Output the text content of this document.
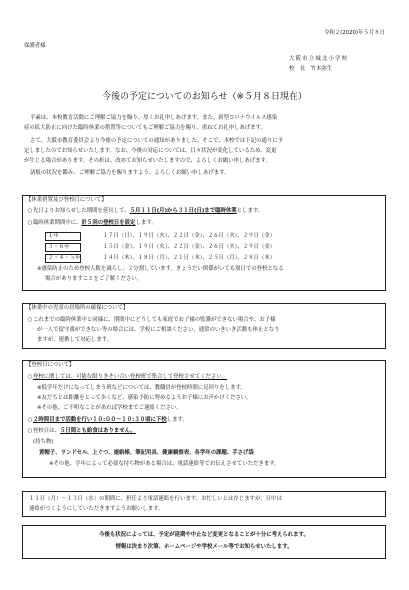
令和２(2020)年５月８日
保護者様
大阪市立城北小学校
校　長　竹本弥生
今後の予定についてのお知らせ（※５月８日現在）
平素は、本校教育活動にご理解ご協力を賜り、厚くお礼申しあげます。また、新型コロナウイルス感染
症の拡大防止に向けた臨時休業の措置等についてもご理解ご協力を賜り、重ねてお礼申しあげます。
さて、大阪市教育委員会より今後の予定についての通知がありました。そこで、本校では下記の通りに予
定しましたのでお知らせいたします。なお、今後の対応については、日々状況が変化しているため、変更
が生じる場合があります。その折は、改めてお知らせいたしますので、よろしくお願い申しあげます。
諸般の状況を鑑み、ご理解ご協力を賜りますよう、よろしくお願い申しあげます。
【休業措置及び登校日について】
○先日よりお知らせした期間を延長して、５月１１日(月)から３１日(日)まで臨時休業とします。
○臨時休業期間中に、計５回の登校日を設定します。
１年	１７日（日）、１９日（火）、２２日（金）、２６日（火）、２９日（金）
３・６年	１５日（金）、１９日（火）、２２日（金）、２６日（火）、２９日（金）
２・４・５年	１４日（木）、１８日（月）、２１日（木）、２５日（月）、２８日（木）
※感染防止のため登校人数を減らし、２分割しています。きょうだい関係がいても別日での登校となる
場合がありますことをご了解ください。
【休業中の児童の居場所の確保について】
○これまでの臨時休業中と同様に、期間中にどうしても家庭でお子様の監護ができない場合や、お子様
が一人で留守番ができない等の場合には、学校にご相談ください。通常のいきいき活動も休止となり
ますが、連携して対応します。
【登校日について】
○登校に関しては、可能な限りきそい合い登校班で集合して登校させてください。
※低学年だけになってしまう班などについては、教職員が登校時間に見回りをします。
※友だちとは距離をとって歩くなど、感染予防に努めるようお子様にお声かけください。
※その他、ご不明なことがあれば学校までご連絡ください。
○２時間目まで活動を行い１０:００～１０:３０頃に下校します。
○登校日は、５日間とも給食はありません。
(持ち物)
黄帽子、ランドセル、上ぐつ、連絡帳、筆記用具、健康観察表、各学年の課題、手さげ袋
※その他、学年によって必要な持ち物がある場合は、電話連絡等でお伝えさせていただきます。
１１日（月）～１３日（水）の期間に、担任より電話連絡を行います。お忙しいとは存じますが、日中は
連絡がつくようにしていただきますようお願いします。
今後も状況によっては、予定が延期や中止など変更となることが十分に考えられます。
情報は決まり次第、ホームページや学校メール等でお知らせいたします。
